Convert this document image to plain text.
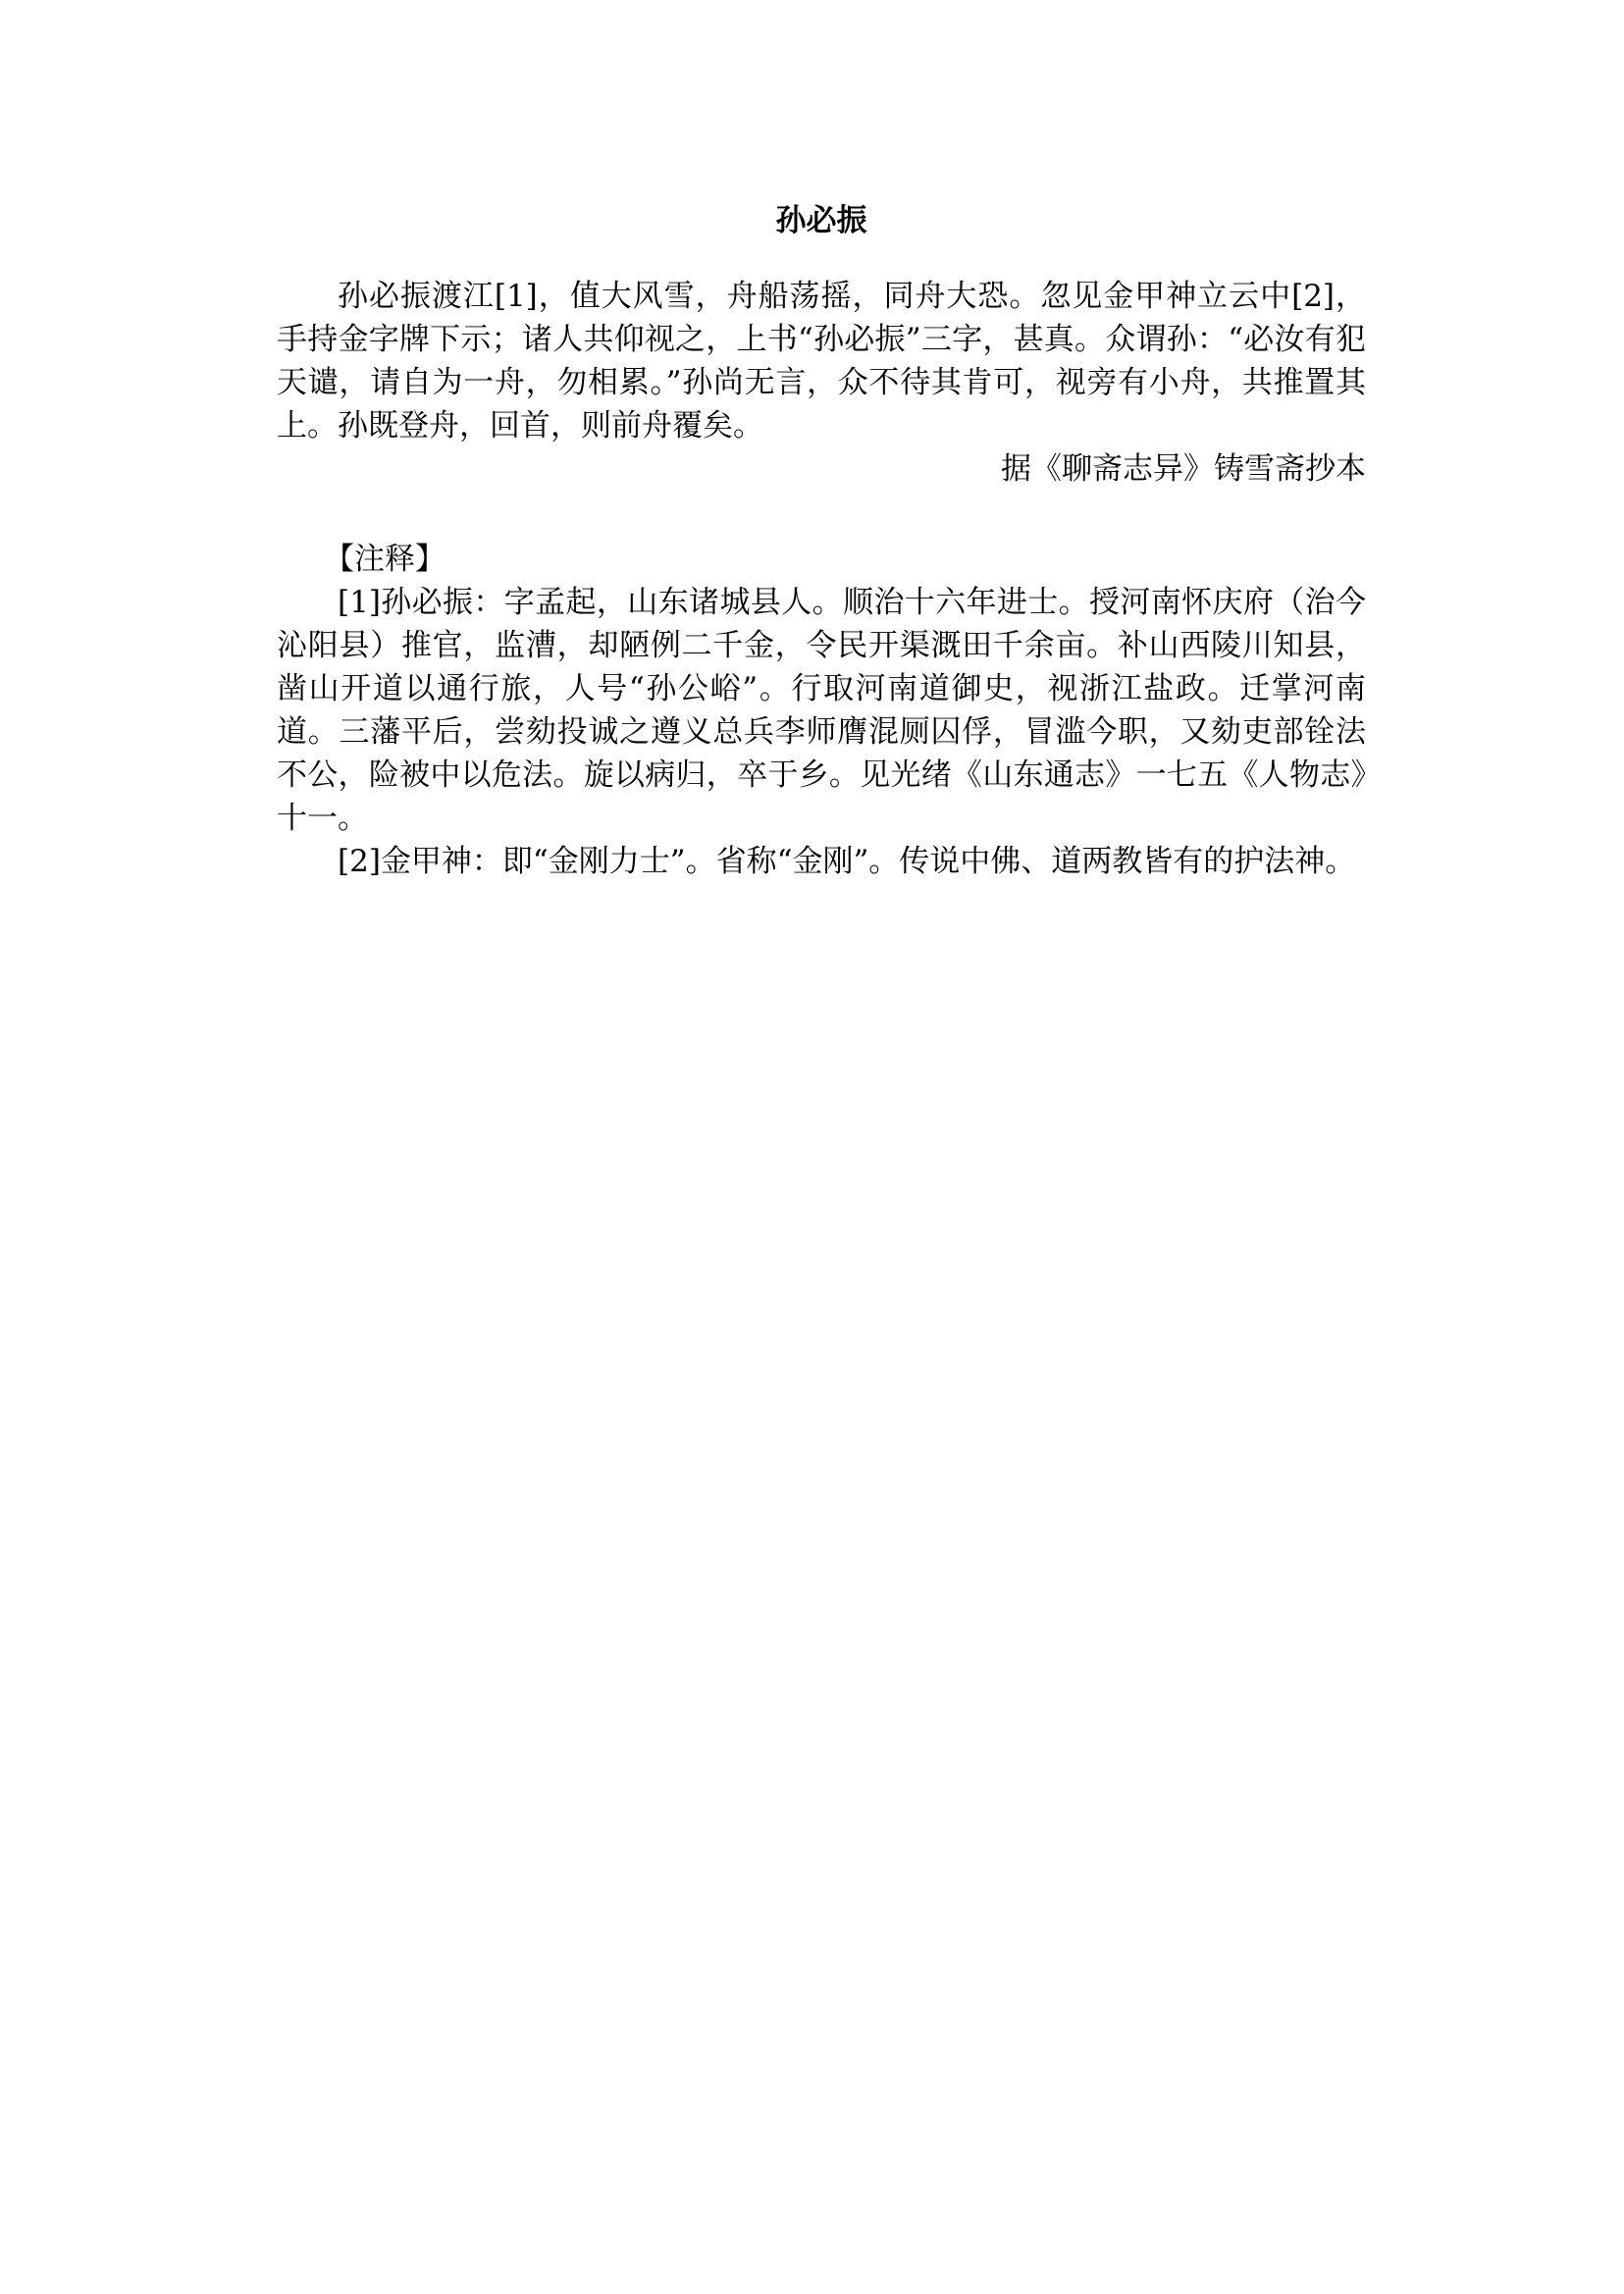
孙必振

孙必振渡江[1]，值大风雪，舟船荡摇，同舟大恐。忽见金甲神立云中[2]，手持金字牌下示；诸人共仰视之，上书“孙必振”三字，甚真。众谓孙：“必汝有犯天谴，请自为一舟，勿相累。”孙尚无言，众不待其肯可，视旁有小舟，共推置其上。孙既登舟，回首，则前舟覆矣。

据《聊斋志异》铸雪斋抄本
【注释】

[1]孙必振：字孟起，山东诸城县人。顺治十六年进士。授河南怀庆府（治今沁阳县）推官，监漕，却陋例二千金，令民开渠溉田千余亩。补山西陵川知县，凿山开道以通行旅，人号“孙公峪”。行取河南道御史，视浙江盐政。迁掌河南道。三藩平后，尝劾投诚之遵义总兵李师膺混厕囚俘，冒滥今职，又劾吏部铨法不公，险被中以危法。旋以病归，卒于乡。见光绪《山东通志》一七五《人物志》十一。

[2]金甲神：即“金刚力士”。省称“金刚”。传说中佛、道两教皆有的护法神。
